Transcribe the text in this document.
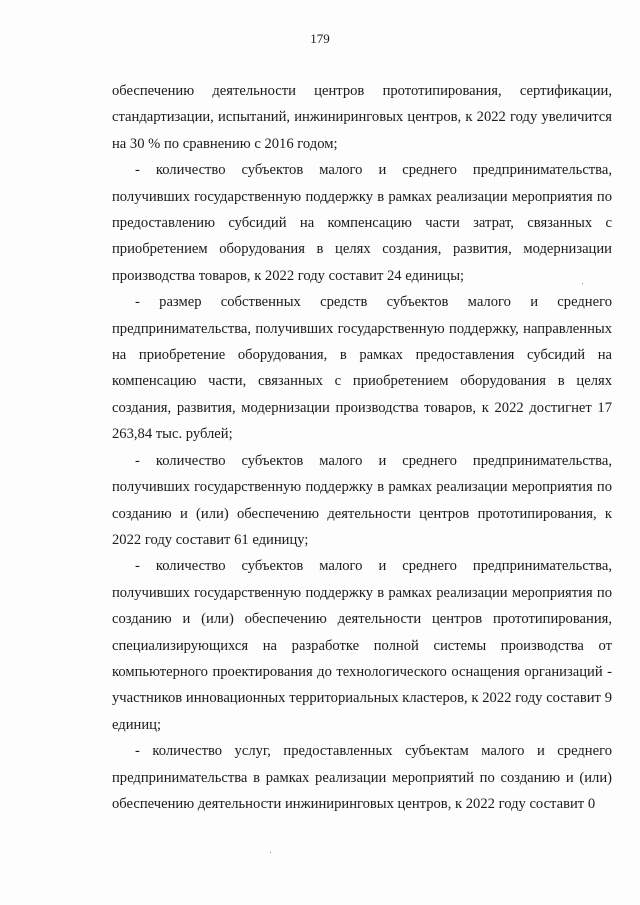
179

обеспечению деятельности центров прототипирования, сертификации, стандартизации, испытаний, инжиниринговых центров, к 2022 году увеличится на 30 % по сравнению с 2016 годом;

- количество субъектов малого и среднего предпринимательства, получивших государственную поддержку в рамках реализации мероприятия по предоставлению субсидий на компенсацию части затрат, связанных с приобретением оборудования в целях создания, развития, модернизации производства товаров, к 2022 году составит 24 единицы;

- размер собственных средств субъектов малого и среднего предпринимательства, получивших государственную поддержку, направленных на приобретение оборудования, в рамках предоставления субсидий на компенсацию части, связанных с приобретением оборудования в целях создания, развития, модернизации производства товаров, к 2022 достигнет 17 263,84 тыс. рублей;

- количество субъектов малого и среднего предпринимательства, получивших государственную поддержку в рамках реализации мероприятия по созданию и (или) обеспечению деятельности центров прототипирования, к 2022 году составит 61 единицу;

- количество субъектов малого и среднего предпринимательства, получивших государственную поддержку в рамках реализации мероприятия по созданию и (или) обеспечению деятельности центров прототипирования, специализирующихся на разработке полной системы производства от компьютерного проектирования до технологического оснащения организаций - участников инновационных территориальных кластеров, к 2022 году составит 9 единиц;

- количество услуг, предоставленных субъектам малого и среднего предпринимательства в рамках реализации мероприятий по созданию и (или) обеспечению деятельности инжиниринговых центров, к 2022 году составит 0
